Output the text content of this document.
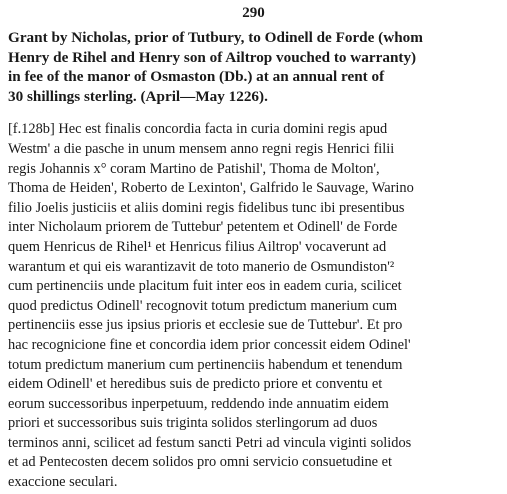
290
Grant by Nicholas, prior of Tutbury, to Odinell de Forde (whom
Henry de Rihel and Henry son of Ailtrop vouched to warranty)
in fee of the manor of Osmaston (Db.) at an annual rent of
30 shillings sterling. (April—May 1226).
[f.128b] Hec est finalis concordia facta in curia domini regis apud
Westm' a die pasche in unum mensem anno regni regis Henrici filii
regis Johannis x° coram Martino de Patishil', Thoma de Molton',
Thoma de Heiden', Roberto de Lexinton', Galfrido le Sauvage, Warino
filio Joelis justiciis et aliis domini regis fidelibus tunc ibi presentibus
inter Nicholaum priorem de Tuttebur' petentem et Odinell' de Forde
quem Henricus de Rihel¹ et Henricus filius Ailtrop' vocaverunt ad
warantum et qui eis warantizavit de toto manerio de Osmundiston'²
cum pertinenciis unde placitum fuit inter eos in eadem curia, scilicet
quod predictus Odinell' recognovit totum predictum manerium cum
pertinenciis esse jus ipsius prioris et ecclesie sue de Tuttebur'. Et pro
hac recognicione fine et concordia idem prior concessit eidem Odinel'
totum predictum manerium cum pertinenciis habendum et tenendum
eidem Odinell' et heredibus suis de predicto priore et conventu et
eorum successoribus inperpetuum, reddendo inde annuatim eidem
priori et successoribus suis triginta solidos sterlingorum ad duos
terminos anni, scilicet ad festum sancti Petri ad vincula viginti solidos
et ad Pentecosten decem solidos pro omni servicio consuetudine et
exaccione seculari.
